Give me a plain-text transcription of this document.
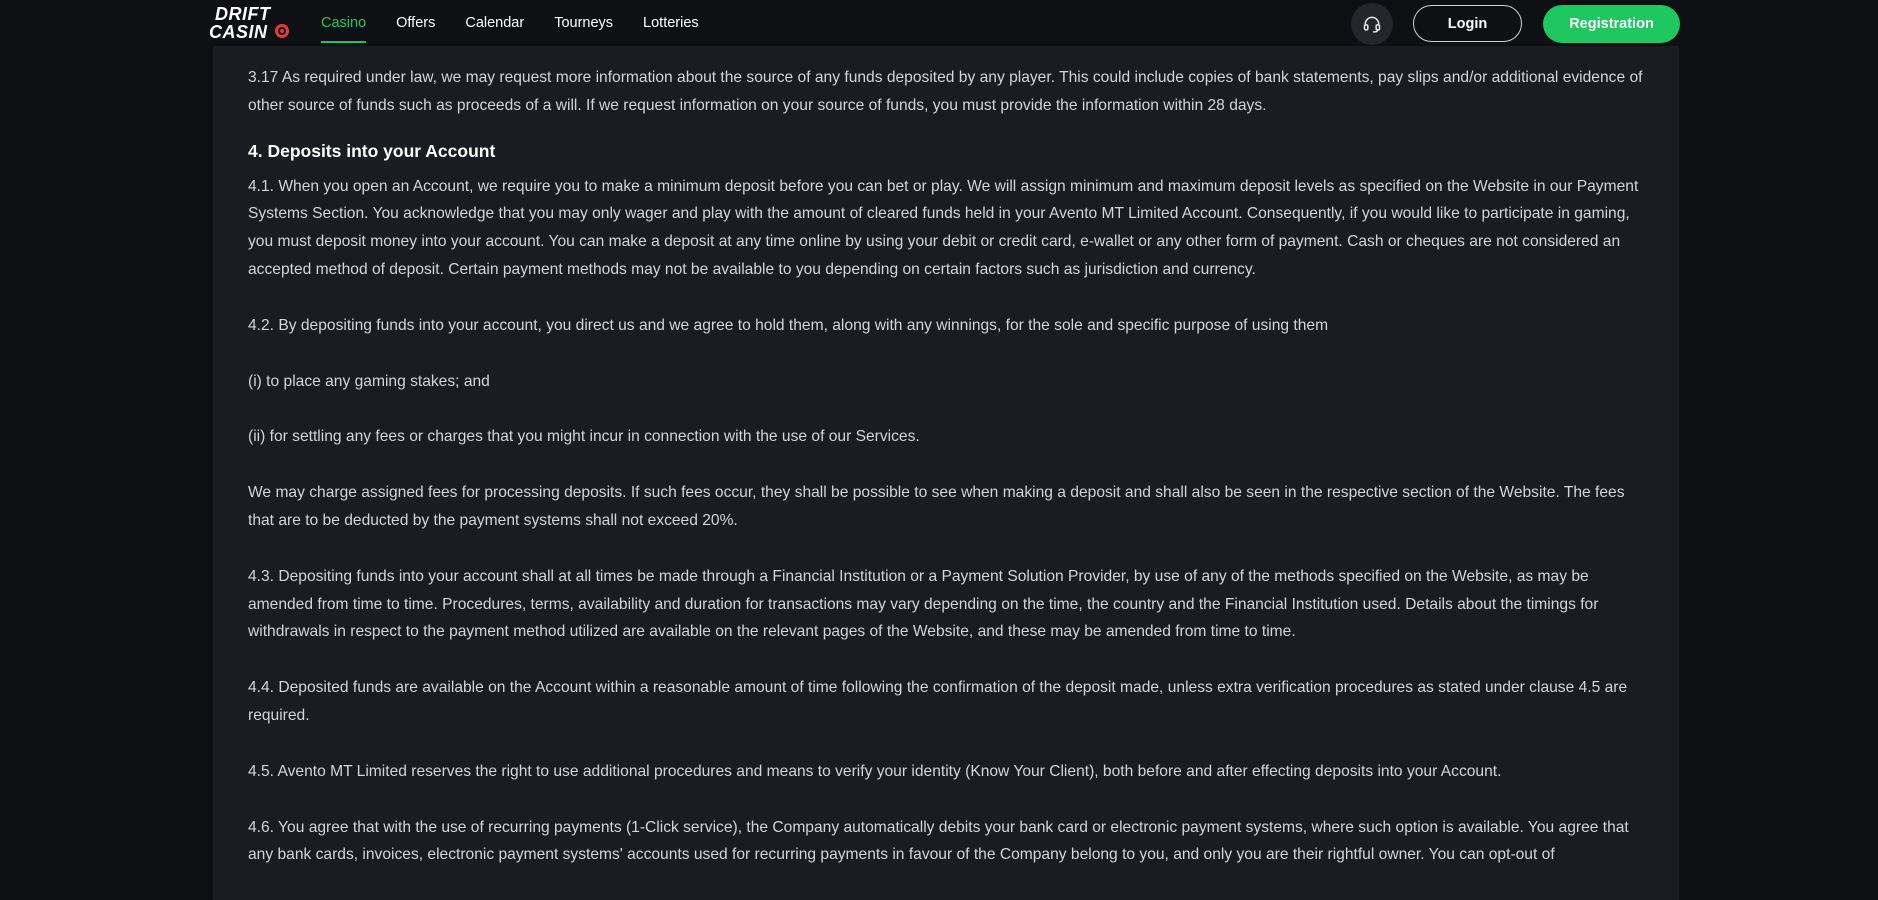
DRIFT
CASIN	Casino Offers Calendar Tourneys Lotteries	Login	Registration

3.17 As required under law, we may request more information about the source of any funds deposited by any player. This could include copies of bank statements, pay slips and/or additional evidence of other source of funds such as proceeds of a will. If we request information on your source of funds, you must provide the information within 28 days.

4. Deposits into your Account

4.1. When you open an Account, we require you to make a minimum deposit before you can bet or play. We will assign minimum and maximum deposit levels as specified on the Website in our Payment Systems Section. You acknowledge that you may only wager and play with the amount of cleared funds held in your Avento MT Limited Account. Consequently, if you would like to participate in gaming, you must deposit money into your account. You can make a deposit at any time online by using your debit or credit card, e-wallet or any other form of payment. Cash or cheques are not considered an accepted method of deposit. Certain payment methods may not be available to you depending on certain factors such as jurisdiction and currency.

4.2. By depositing funds into your account, you direct us and we agree to hold them, along with any winnings, for the sole and specific purpose of using them

(i) to place any gaming stakes; and

(ii) for settling any fees or charges that you might incur in connection with the use of our Services.

We may charge assigned fees for processing deposits. If such fees occur, they shall be possible to see when making a deposit and shall also be seen in the respective section of the Website. The fees that are to be deducted by the payment systems shall not exceed 20%.

4.3. Depositing funds into your account shall at all times be made through a Financial Institution or a Payment Solution Provider, by use of any of the methods specified on the Website, as may be amended from time to time. Procedures, terms, availability and duration for transactions may vary depending on the time, the country and the Financial Institution used. Details about the timings for withdrawals in respect to the payment method utilized are available on the relevant pages of the Website, and these may be amended from time to time.

4.4. Deposited funds are available on the Account within a reasonable amount of time following the confirmation of the deposit made, unless extra verification procedures as stated under clause 4.5 are required.

4.5. Avento MT Limited reserves the right to use additional procedures and means to verify your identity (Know Your Client), both before and after effecting deposits into your Account.

4.6. You agree that with the use of recurring payments (1-Click service), the Company automatically debits your bank card or electronic payment systems, where such option is available. You agree that any bank cards, invoices, electronic payment systems' accounts used for recurring payments in favour of the Company belong to you, and only you are their rightful owner. You can opt-out of
